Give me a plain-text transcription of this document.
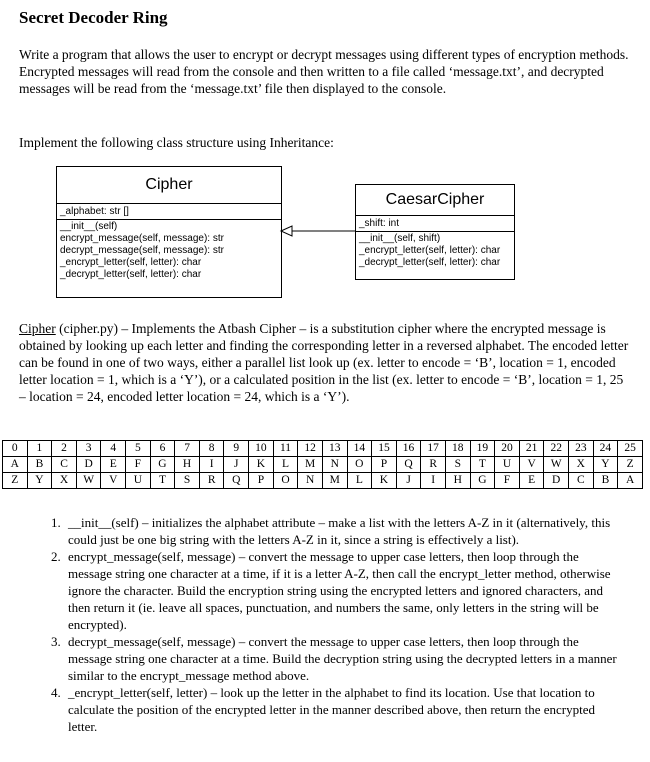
Secret Decoder Ring
Write a program that allows the user to encrypt or decrypt messages using different types of encryption methods. Encrypted messages will read from the console and then written to a file called ‘message.txt’, and decrypted messages will be read from the ‘message.txt’ file then displayed to the console.
Implement the following class structure using Inheritance:
Cipher
_alphabet: str []
__init__(self)
encrypt_message(self, message): str
decrypt_message(self, message): str
_encrypt_letter(self, letter): char
_decrypt_letter(self, letter): char
CaesarCipher
_shift: int
__init__(self, shift)
_encrypt_letter(self, letter): char
_decrypt_letter(self, letter): char
Cipher (cipher.py) – Implements the Atbash Cipher – is a substitution cipher where the encrypted message is obtained by looking up each letter and finding the corresponding letter in a reversed alphabet. The encoded letter can be found in one of two ways, either a parallel list look up (ex. letter to encode = ‘B’, location = 1, encoded letter location = 1, which is a ‘Y’), or a calculated position in the list (ex. letter to encode = ‘B’, location = 1, 25 – location = 24, encoded letter location = 24, which is a ‘Y’).
0	1	2	3	4	5	6	7	8	9	10	11	12	13	14	15	16	17	18	19	20	21	22	23	24	25
A	B	C	D	E	F	G	H	I	J	K	L	M	N	O	P	Q	R	S	T	U	V	W	X	Y	Z
Z	Y	X	W	V	U	T	S	R	Q	P	O	N	M	L	K	J	I	H	G	F	E	D	C	B	A
1. __init__(self) – initializes the alphabet attribute – make a list with the letters A-Z in it (alternatively, this could just be one big string with the letters A-Z in it, since a string is effectively a list).
2. encrypt_message(self, message) – convert the message to upper case letters, then loop through the message string one character at a time, if it is a letter A-Z, then call the encrypt_letter method, otherwise ignore the character. Build the encryption string using the encrypted letters and ignored characters, and then return it (ie. leave all spaces, punctuation, and numbers the same, only letters in the string will be encrypted).
3. decrypt_message(self, message) – convert the message to upper case letters, then loop through the message string one character at a time. Build the decryption string using the decrypted letters in a manner similar to the encrypt_message method above.
4. _encrypt_letter(self, letter) – look up the letter in the alphabet to find its location. Use that location to calculate the position of the encrypted letter in the manner described above, then return the encrypted letter.
